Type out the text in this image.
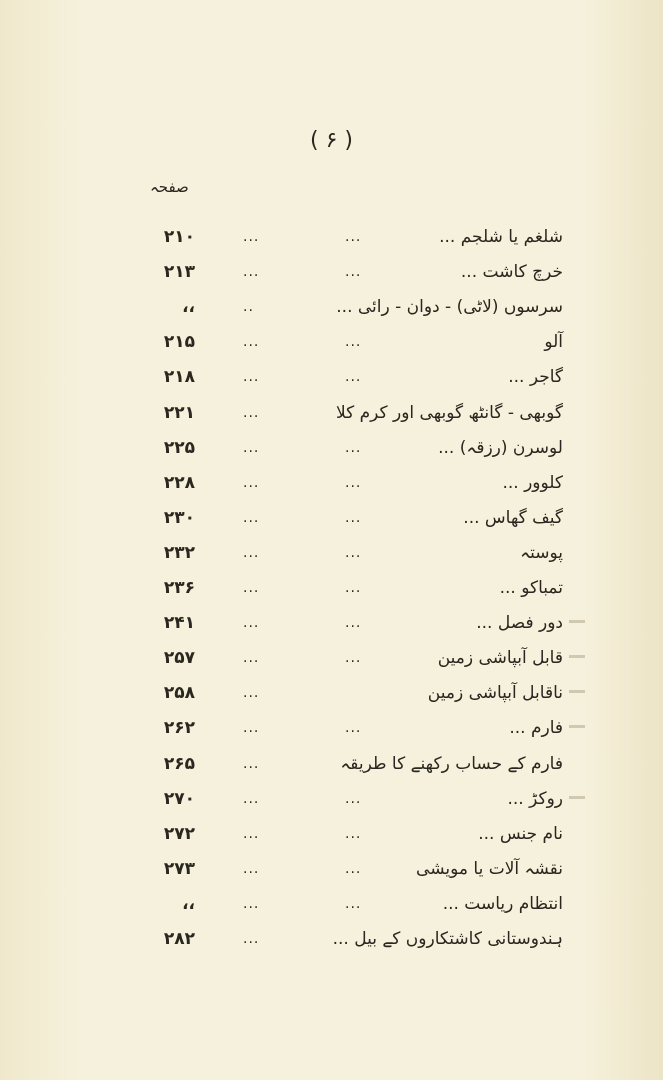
( ۶ )
صفحہ
شلغم یا شلجم ...
...
...
۲۱۰
خرچ کاشت ...
...
...
۲۱۳
سرسوں (لاٹی) - دوان - رائی ...
..
،،
آلو
...
...
۲۱۵
گاجر ...
...
...
۲۱۸
گوبھی - گانٹھ گوبھی اور کرم کلا
...
۲۲۱
لوسرن (رزقہ) ...
...
...
۲۲۵
کلوور ...
...
...
۲۲۸
گیف گھاس ...
...
...
۲۳۰
پوستہ
...
...
۲۳۲
تمباکو ...
...
...
۲۳۶
دور فصل ...
...
...
۲۴۱
قابل آبپاشی زمین
...
...
۲۵۷
ناقابل آبپاشی زمین
...
۲۵۸
فارم ...
...
...
۲۶۲
فارم کے حساب رکھنے کا طریقہ
...
۲۶۵
روکڑ ...
...
...
۲۷۰
نام جنس ...
...
...
۲۷۲
نقشہ آلات یا مویشی
...
...
۲۷۳
انتظام ریاست ...
...
...
،،
ہندوستانی کاشتکاروں کے بیل ...
...
۲۸۲
